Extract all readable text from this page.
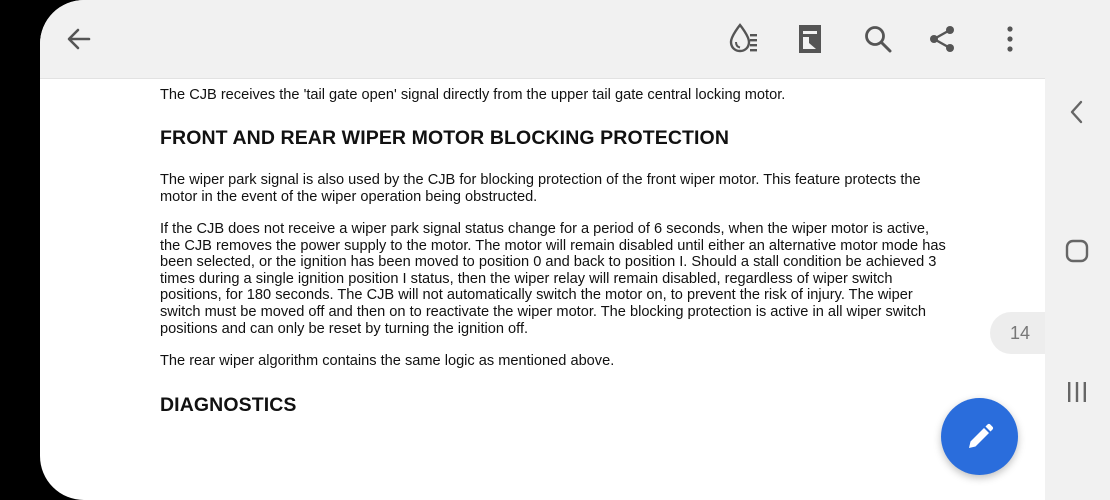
The CJB receives the 'tail gate open' signal directly from the upper tail gate central locking motor.

FRONT AND REAR WIPER MOTOR BLOCKING PROTECTION
The wiper park signal is also used by the CJB for blocking protection of the front wiper motor. This feature protects the
motor in the event of the wiper operation being obstructed.
If the CJB does not receive a wiper park signal status change for a period of 6 seconds, when the wiper motor is active,
the CJB removes the power supply to the motor. The motor will remain disabled until either an alternative motor mode has
been selected, or the ignition has been moved to position 0 and back to position I. Should a stall condition be achieved 3
times during a single ignition position I status, then the wiper relay will remain disabled, regardless of wiper switch
positions, for 180 seconds. The CJB will not automatically switch the motor on, to prevent the risk of injury. The wiper
switch must be moved off and then on to reactivate the wiper motor. The blocking protection is active in all wiper switch
positions and can only be reset by turning the ignition off.

The rear wiper algorithm contains the same logic as mentioned above.

DIAGNOSTICS
14
